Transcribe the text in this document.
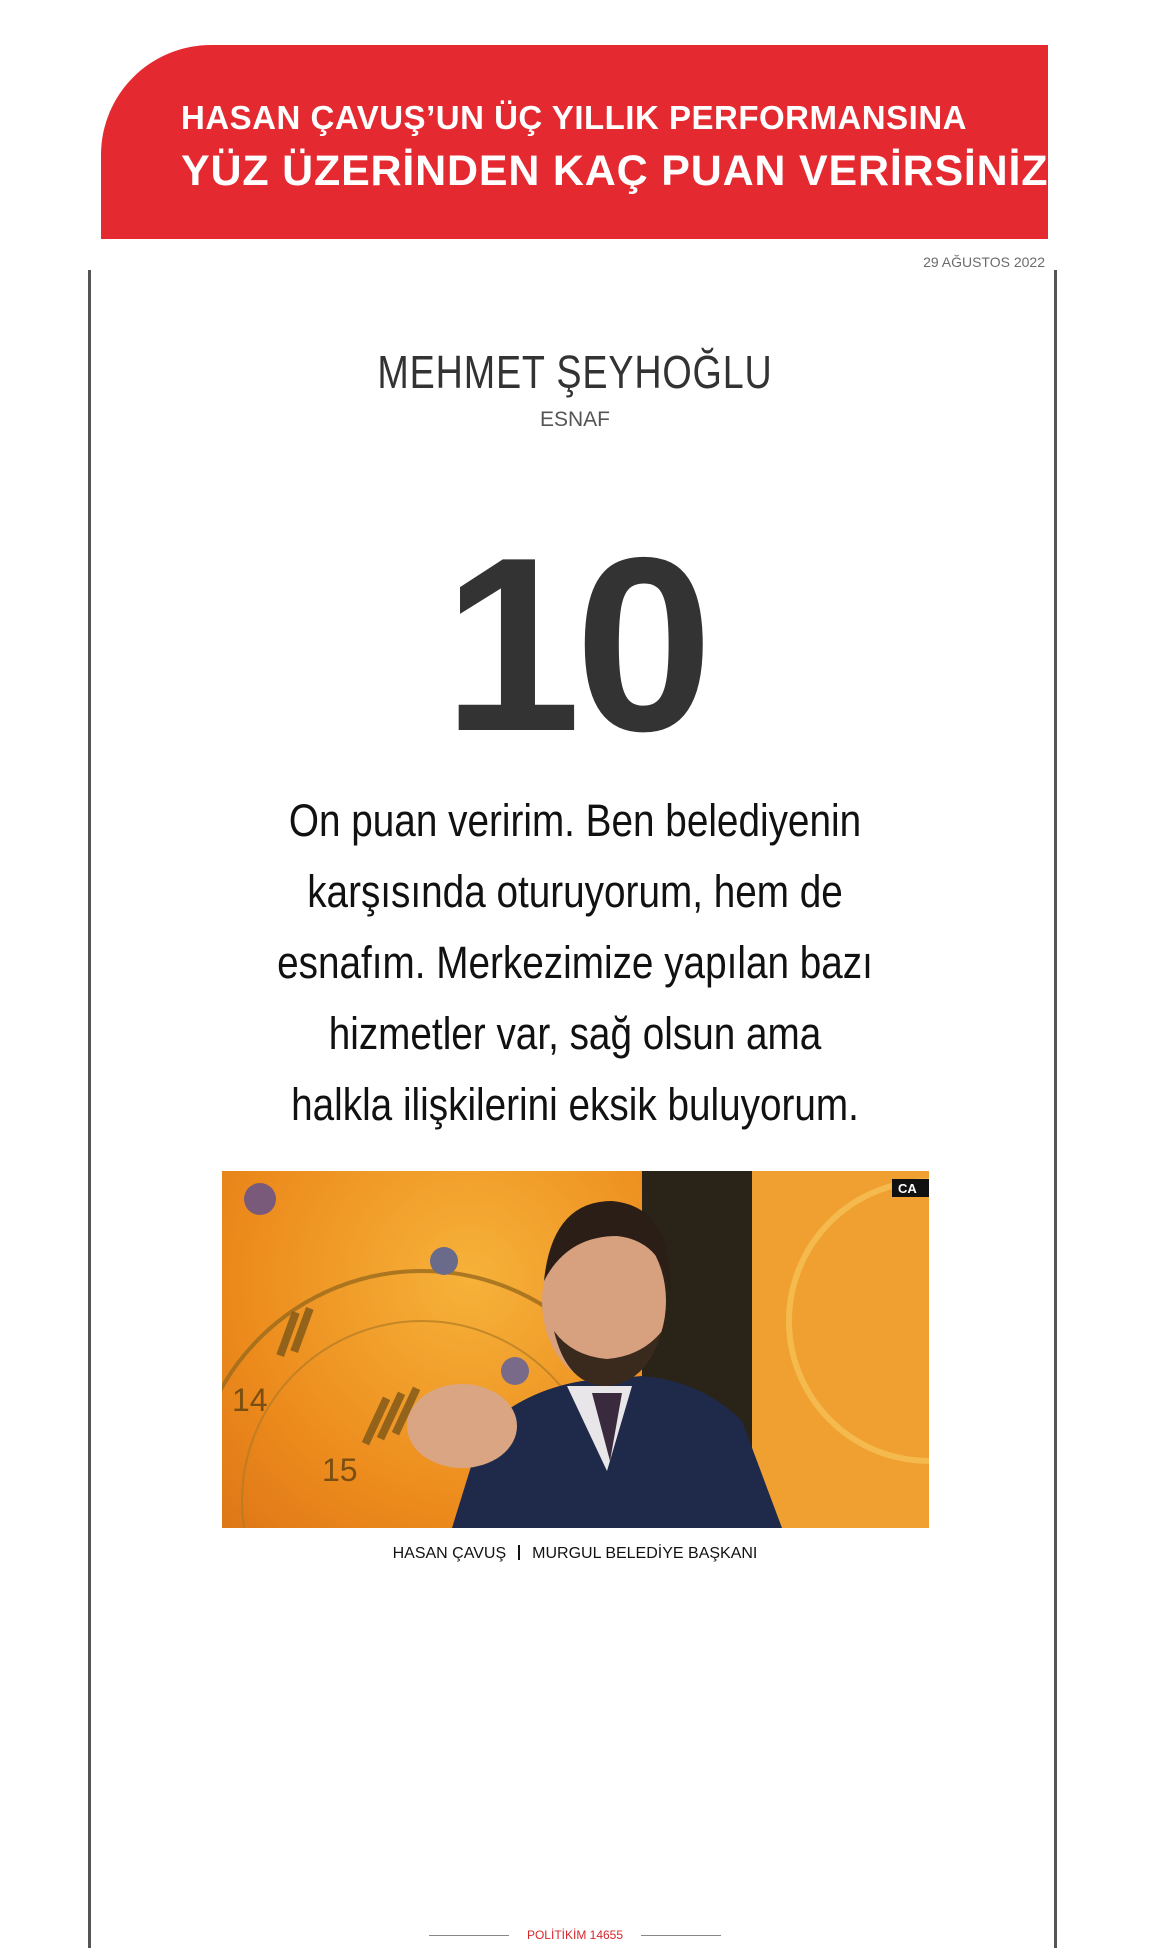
HASAN ÇAVUŞ’UN ÜÇ YILLIK PERFORMANSINA
YÜZ ÜZERİNDEN KAÇ PUAN VERİRSİNİZ?
29 AĞUSTOS 2022
MEHMET ŞEYHOĞLU
ESNAF
10
On puan veririm. Ben belediyenin
karşısında oturuyorum, hem de
esnafım. Merkezimize yapılan bazı
hizmetler var, sağ olsun ama
halkla ilişkilerini eksik buluyorum.
14
15
CA
HASAN ÇAVUŞ MURGUL BELEDİYE BAŞKANI
POLİTİKİM 14655
